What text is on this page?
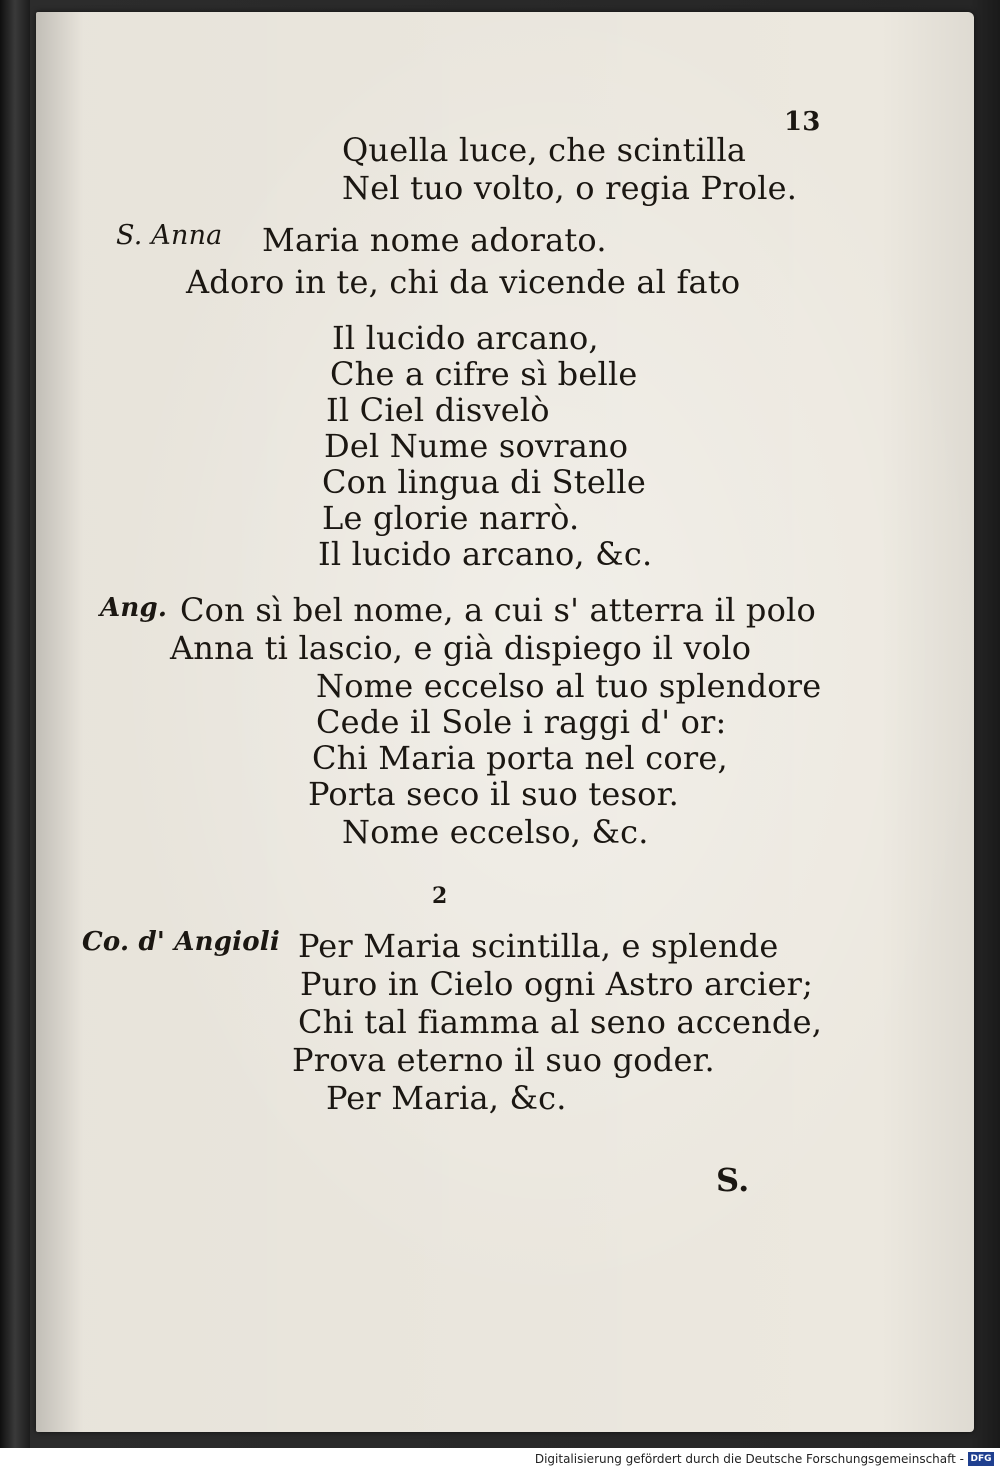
13
Quella luce, che scintilla
Nel tuo volto, o regia Prole.
S. Anna Maria nome adorato.
Adoro in te, chi da vicende al fato
Il lucido arcano,
Che a cifre sì belle
Il Ciel disvelò
Del Nume sovrano
Con lingua di Stelle
Le glorie narrò.
Il lucido arcano, &c.
Ang. Con sì bel nome, a cui s' atterra il polo
Anna ti lascio, e già dispiego il volo
Nome eccelso al tuo splendore
Cede il Sole i raggi d' or:
Chi Maria porta nel core,
Porta seco il suo tesor.
Nome eccelso, &c.
2
Co. d' Angioli Per Maria scintilla, e splende
Puro in Cielo ogni Astro arcier;
Chi tal fiamma al seno accende,
Prova eterno il suo goder.
Per Maria, &c.
S.
Digitalisierung gefördert durch die Deutsche Forschungsgemeinschaft - DFG
